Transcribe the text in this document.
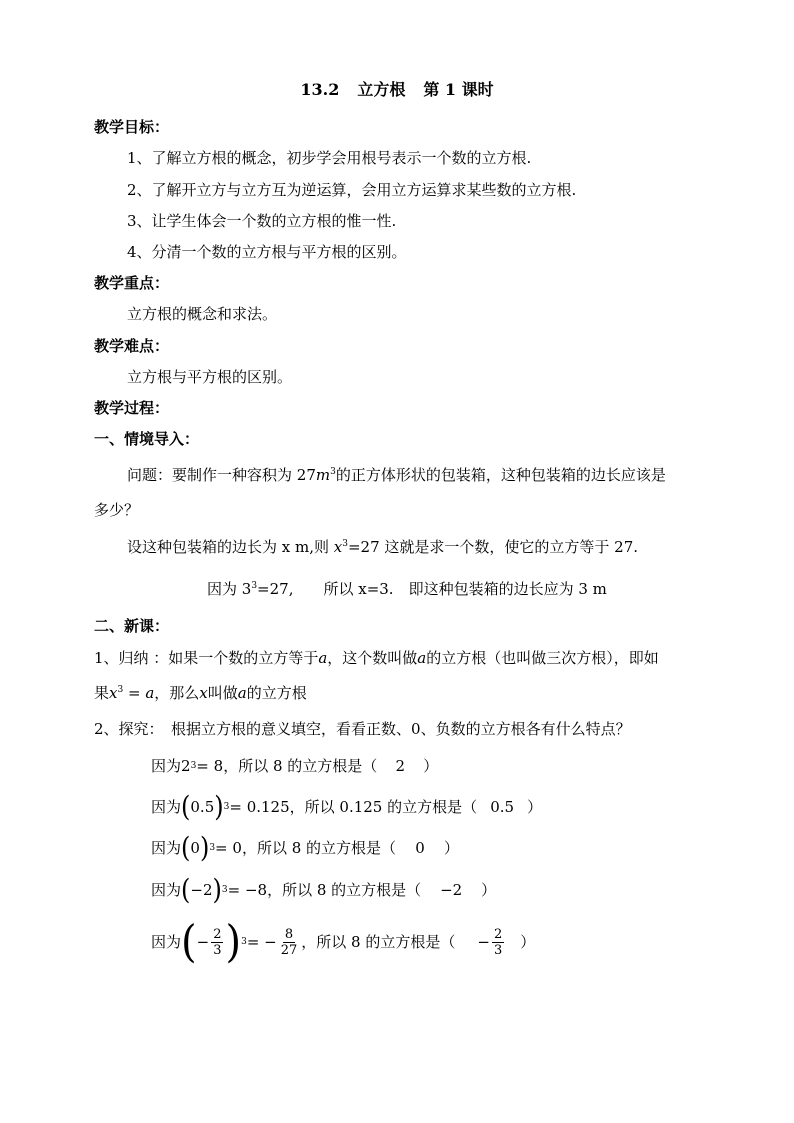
13.2 立方根 第 1 课时
教学目标：
1、了解立方根的概念，初步学会用根号表示一个数的立方根.
2、了解开立方与立方互为逆运算，会用立方运算求某些数的立方根.
3、让学生体会一个数的立方根的惟一性.
4、分清一个数的立方根与平方根的区别。
教学重点：
立方根的概念和求法。
教学难点：
立方根与平方根的区别。
教学过程：
一、情境导入：
问题：要制作一种容积为 $27m^3$的正方体形状的包装箱，这种包装箱的边长应该是
多少？
设这种包装箱的边长为 x m,则 $x^3=27$ 这就是求一个数，使它的立方等于 27.
因为 $3^3=27$,　　所以 x=3.　即这种包装箱的边长应为 3 m
二、新课：
1、归纳 ：如果一个数的立方等于a，这个数叫做a的立方根（也叫做三次方根），即如
果$x^3 = a$，那么x叫做a的立方根
2、探究：　根据立方根的意义填空，看看正数、0、负数的立方根各有什么特点？
因为 2 3 = 8 ，所以 8 的立方根是（	2	）
因为 ( 0.5 ) 3 = 0.125 ，所以 0.125 的立方根是（ 0.5 ）
因为 ( 0 ) 3 = 0 ，所以 8 的立方根是（	0	）
因为 ( −2 ) 3 = −8 ，所以 8 的立方根是（	−2	）
因为 ( − $\frac{2}{3}$ ) 3 = − $\frac{8}{27}$ ，所以 8 的立方根是（ − $\frac{2}{3}$ ）
